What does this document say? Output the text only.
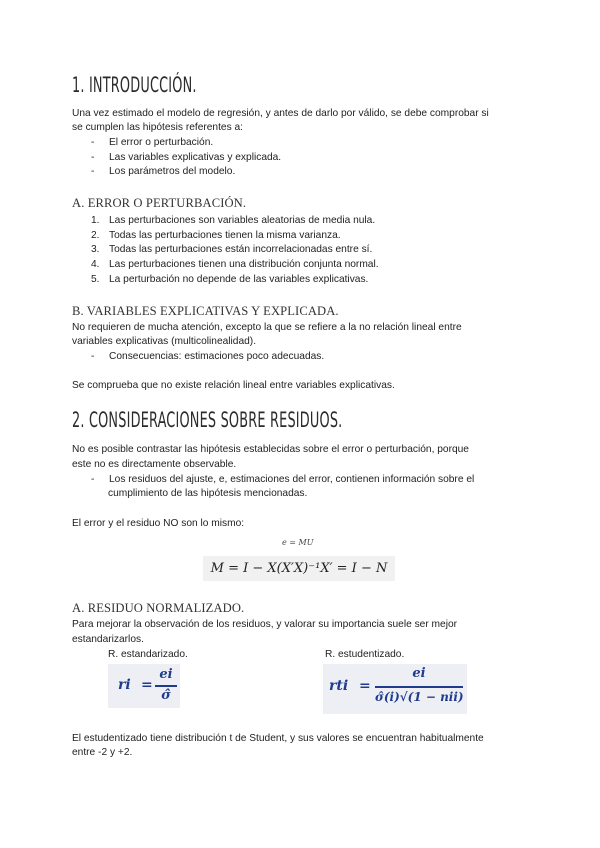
1. INTRODUCCIÓN.
Una vez estimado el modelo de regresión, y antes de darlo por válido, se debe comprobar si
se cumplen las hipótesis referentes a:
- El error o perturbación.
- Las variables explicativas y explicada.
- Los parámetros del modelo.
A. ERROR O PERTURBACIÓN.
1. Las perturbaciones son variables aleatorias de media nula.
2. Todas las perturbaciones tienen la misma varianza.
3. Todas las perturbaciones están incorrelacionadas entre sí.
4. Las perturbaciones tienen una distribución conjunta normal.
5. La perturbación no depende de las variables explicativas.
B. VARIABLES EXPLICATIVAS Y EXPLICADA.
No requieren de mucha atención, excepto la que se refiere a la no relación lineal entre
variables explicativas (multicolinealidad).
- Consecuencias: estimaciones poco adecuadas.
Se comprueba que no existe relación lineal entre variables explicativas.
2. CONSIDERACIONES SOBRE RESIDUOS.
No es posible contrastar las hipótesis establecidas sobre el error o perturbación, porque
este no es directamente observable.
- Los residuos del ajuste, e, estimaciones del error, contienen información sobre el
cumplimiento de las hipótesis mencionadas.
El error y el residuo NO son lo mismo:
e = MU
M = I − X(X′X)⁻¹X′ = I − N
A. RESIDUO NORMALIZADO.
Para mejorar la observación de los residuos, y valorar su importancia suele ser mejor
estandarizarlos.
R. estandarizado.	R. estudentizado.
ri =
ei
σ̂
rti =
ei
σ̂(i)√(1 − nii)
El estudentizado tiene distribución t de Student, y sus valores se encuentran habitualmente
entre -2 y +2.
